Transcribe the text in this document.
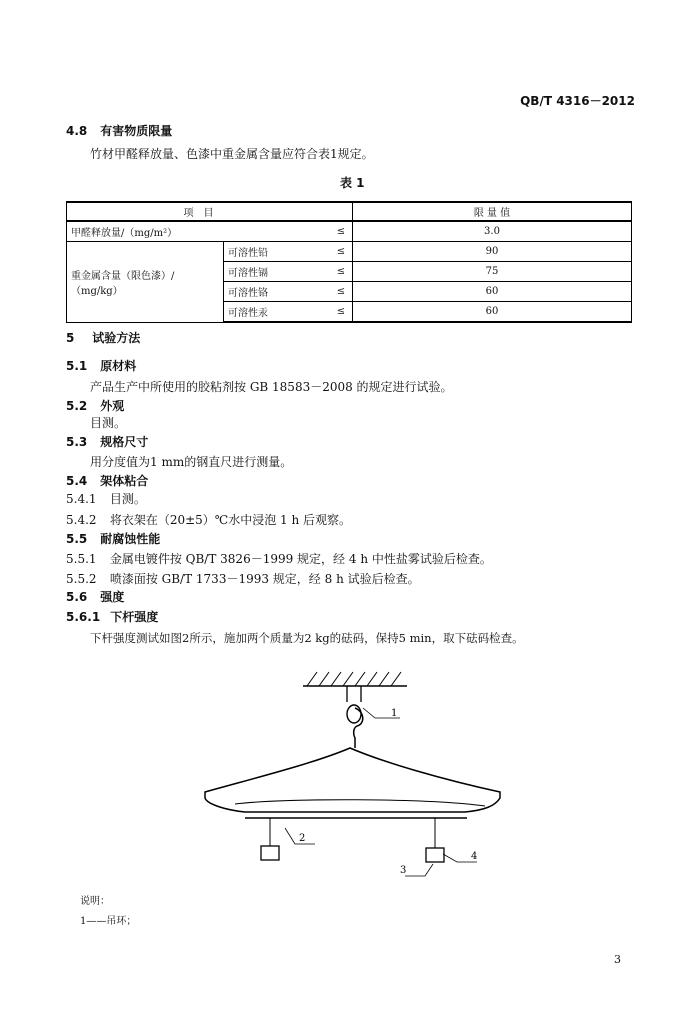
QB/T 4316－2012
4.8 有害物质限量
竹材甲醛释放量、色漆中重金属含量应符合表1规定。
表 1
项　目			限 量 值
甲醛释放量/（mg/m²）		≤	3.0
重金属含量（限色漆）/（mg/kg）	可溶性铅	≤	90
	可溶性镉	≤	75
	可溶性铬	≤	60
	可溶性汞	≤	60
5 试验方法
5.1 原材料
产品生产中所使用的胶粘剂按 GB 18583－2008 的规定进行试验。
5.2 外观
目测。
5.3 规格尺寸
用分度值为1 mm的钢直尺进行测量。
5.4 架体粘合
5.4.1 目测。
5.4.2 将衣架在（20±5）℃水中浸泡 1 h 后观察。
5.5 耐腐蚀性能
5.5.1 金属电镀件按 QB/T 3826－1999 规定，经 4 h 中性盐雾试验后检查。
5.5.2 喷漆面按 GB/T 1733－1993 规定，经 8 h 试验后检查。
5.6 强度
5.6.1 下杆强度
下杆强度测试如图2所示，施加两个质量为2 kg的砝码，保持5 min，取下砝码检查。
1
2
3
4
说明：
1——吊环；
3
